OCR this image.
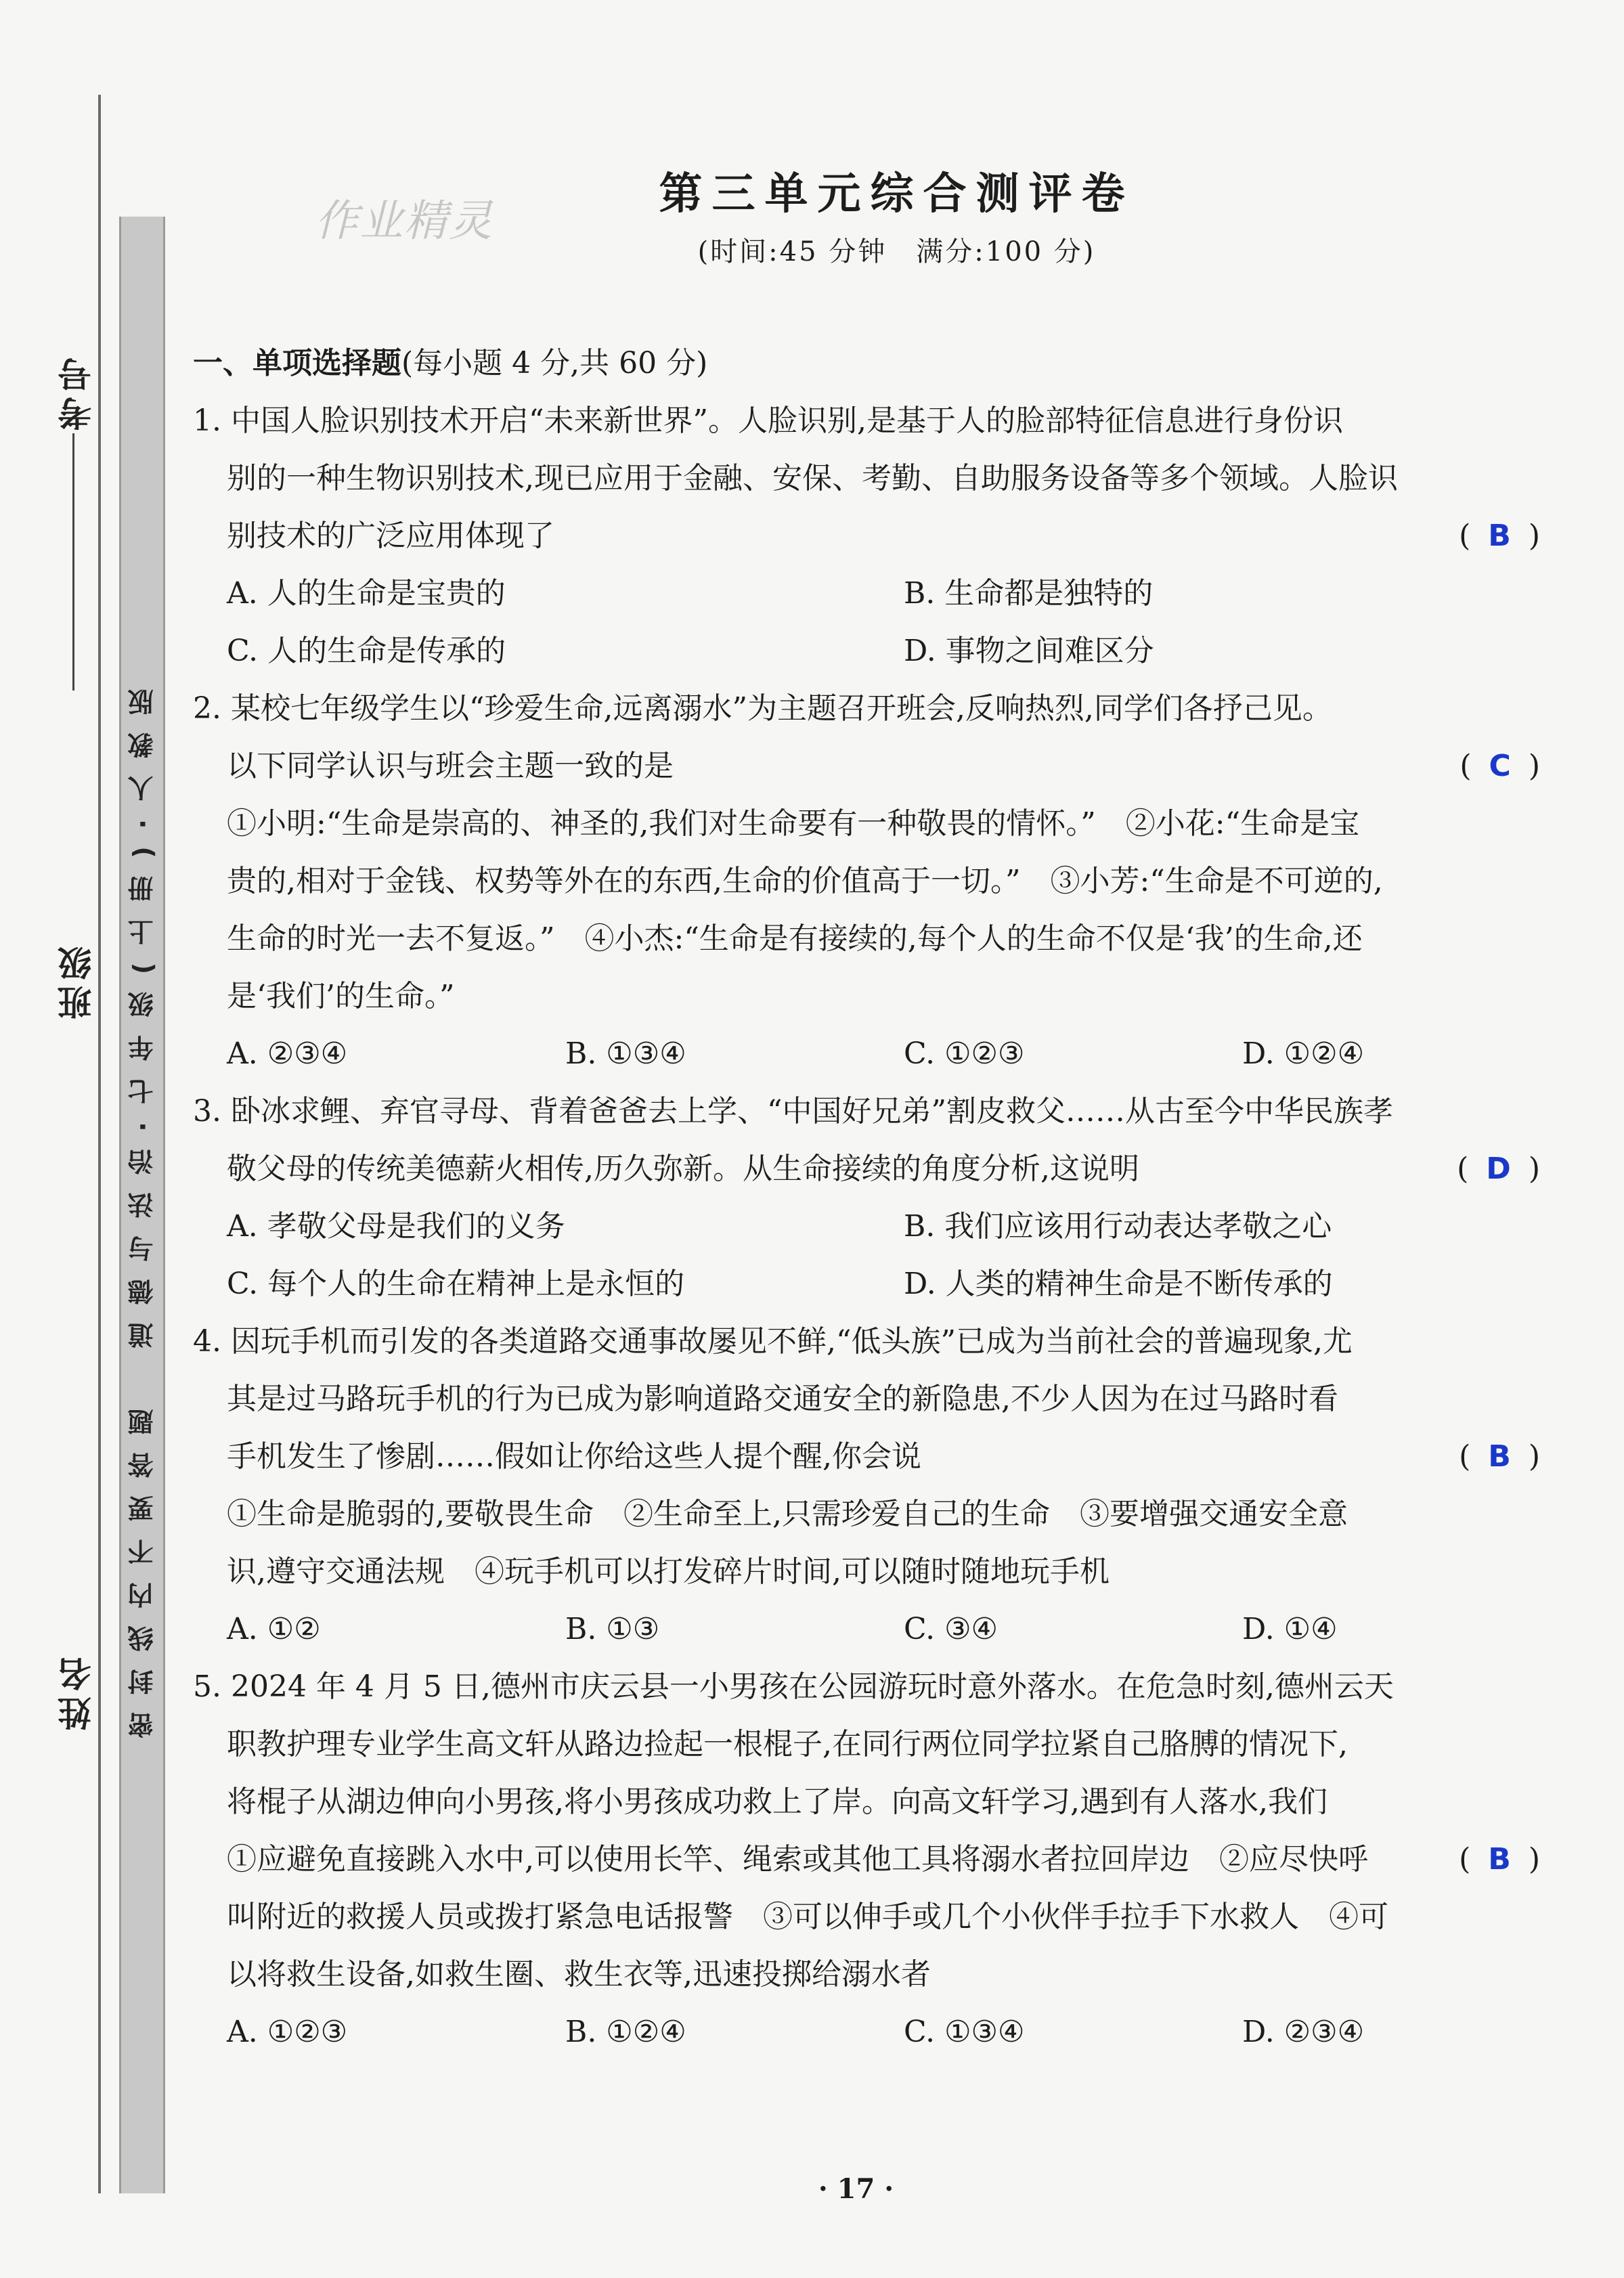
密封线内不要答题　道德与法治·七年级(上册)·人教版
考号
班级
姓名
作业精灵
第三单元综合测评卷
(时间:45 分钟　满分:100 分)
一、单项选择题(每小题 4 分,共 60 分)
1. 中国人脸识别技术开启“未来新世界”。人脸识别,是基于人的脸部特征信息进行身份识
别的一种生物识别技术,现已应用于金融、安保、考勤、自助服务设备等多个领域。人脸识
别技术的广泛应用体现了	( B )
A. 人的生命是宝贵的	B. 生命都是独特的
C. 人的生命是传承的	D. 事物之间难区分
2. 某校七年级学生以“珍爱生命,远离溺水”为主题召开班会,反响热烈,同学们各抒己见。
以下同学认识与班会主题一致的是	( C )
①小明:“生命是崇高的、神圣的,我们对生命要有一种敬畏的情怀。”　②小花:“生命是宝
贵的,相对于金钱、权势等外在的东西,生命的价值高于一切。”　③小芳:“生命是不可逆的,
生命的时光一去不复返。”　④小杰:“生命是有接续的,每个人的生命不仅是‘我’的生命,还
是‘我们’的生命。”
A. ②③④	B. ①③④	C. ①②③	D. ①②④
3. 卧冰求鲤、弃官寻母、背着爸爸去上学、“中国好兄弟”割皮救父……从古至今中华民族孝
敬父母的传统美德薪火相传,历久弥新。从生命接续的角度分析,这说明	( D )
A. 孝敬父母是我们的义务	B. 我们应该用行动表达孝敬之心
C. 每个人的生命在精神上是永恒的	D. 人类的精神生命是不断传承的
4. 因玩手机而引发的各类道路交通事故屡见不鲜,“低头族”已成为当前社会的普遍现象,尤
其是过马路玩手机的行为已成为影响道路交通安全的新隐患,不少人因为在过马路时看
手机发生了惨剧……假如让你给这些人提个醒,你会说	( B )
①生命是脆弱的,要敬畏生命　②生命至上,只需珍爱自己的生命　③要增强交通安全意
识,遵守交通法规　④玩手机可以打发碎片时间,可以随时随地玩手机
A. ①②	B. ①③	C. ③④	D. ①④
5. 2024 年 4 月 5 日,德州市庆云县一小男孩在公园游玩时意外落水。在危急时刻,德州云天
职教护理专业学生高文轩从路边捡起一根棍子,在同行两位同学拉紧自己胳膊的情况下,
将棍子从湖边伸向小男孩,将小男孩成功救上了岸。向高文轩学习,遇到有人落水,我们
( B )
①应避免直接跳入水中,可以使用长竿、绳索或其他工具将溺水者拉回岸边　②应尽快呼
叫附近的救援人员或拨打紧急电话报警　③可以伸手或几个小伙伴手拉手下水救人　④可
以将救生设备,如救生圈、救生衣等,迅速投掷给溺水者
A. ①②③	B. ①②④	C. ①③④	D. ②③④
· 17 ·
